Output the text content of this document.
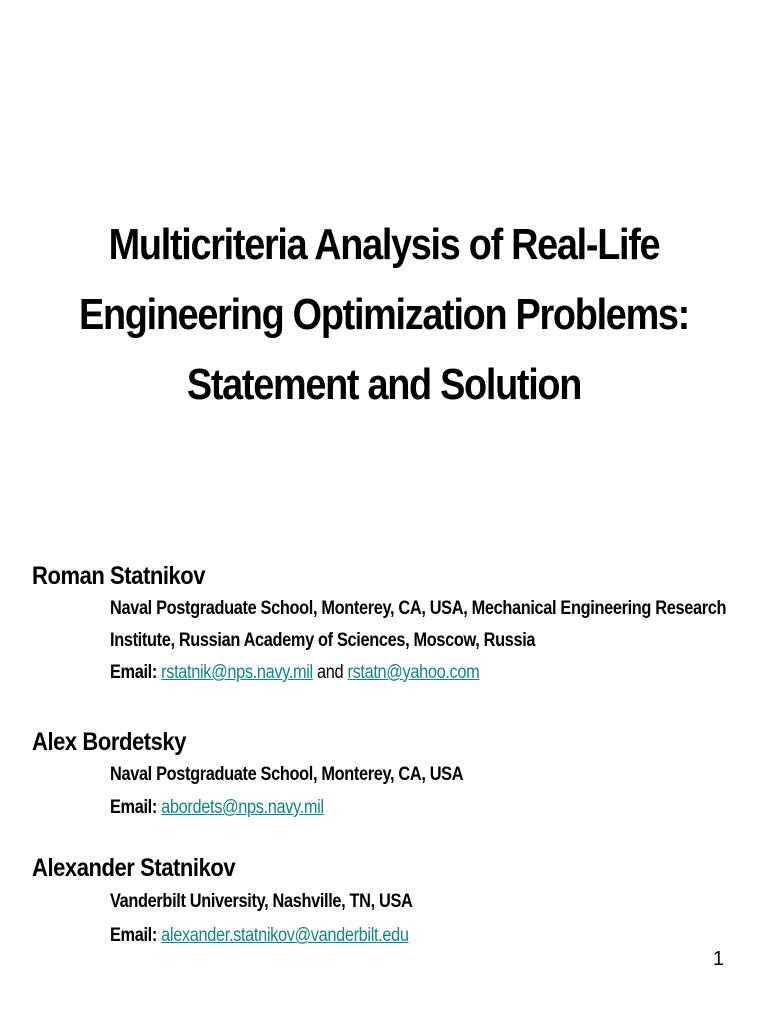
Multicriteria Analysis of Real-Life
Engineering Optimization Problems:
Statement and Solution
Roman Statnikov
Naval Postgraduate School, Monterey, CA, USA, Mechanical Engineering Research
Institute, Russian Academy of Sciences, Moscow, Russia
Email: rstatnik@nps.navy.mil and rstatn@yahoo.com
Alex Bordetsky
Naval Postgraduate School, Monterey, CA, USA
Email: abordets@nps.navy.mil
Alexander Statnikov
Vanderbilt University, Nashville, TN, USA
Email: alexander.statnikov@vanderbilt.edu
1
